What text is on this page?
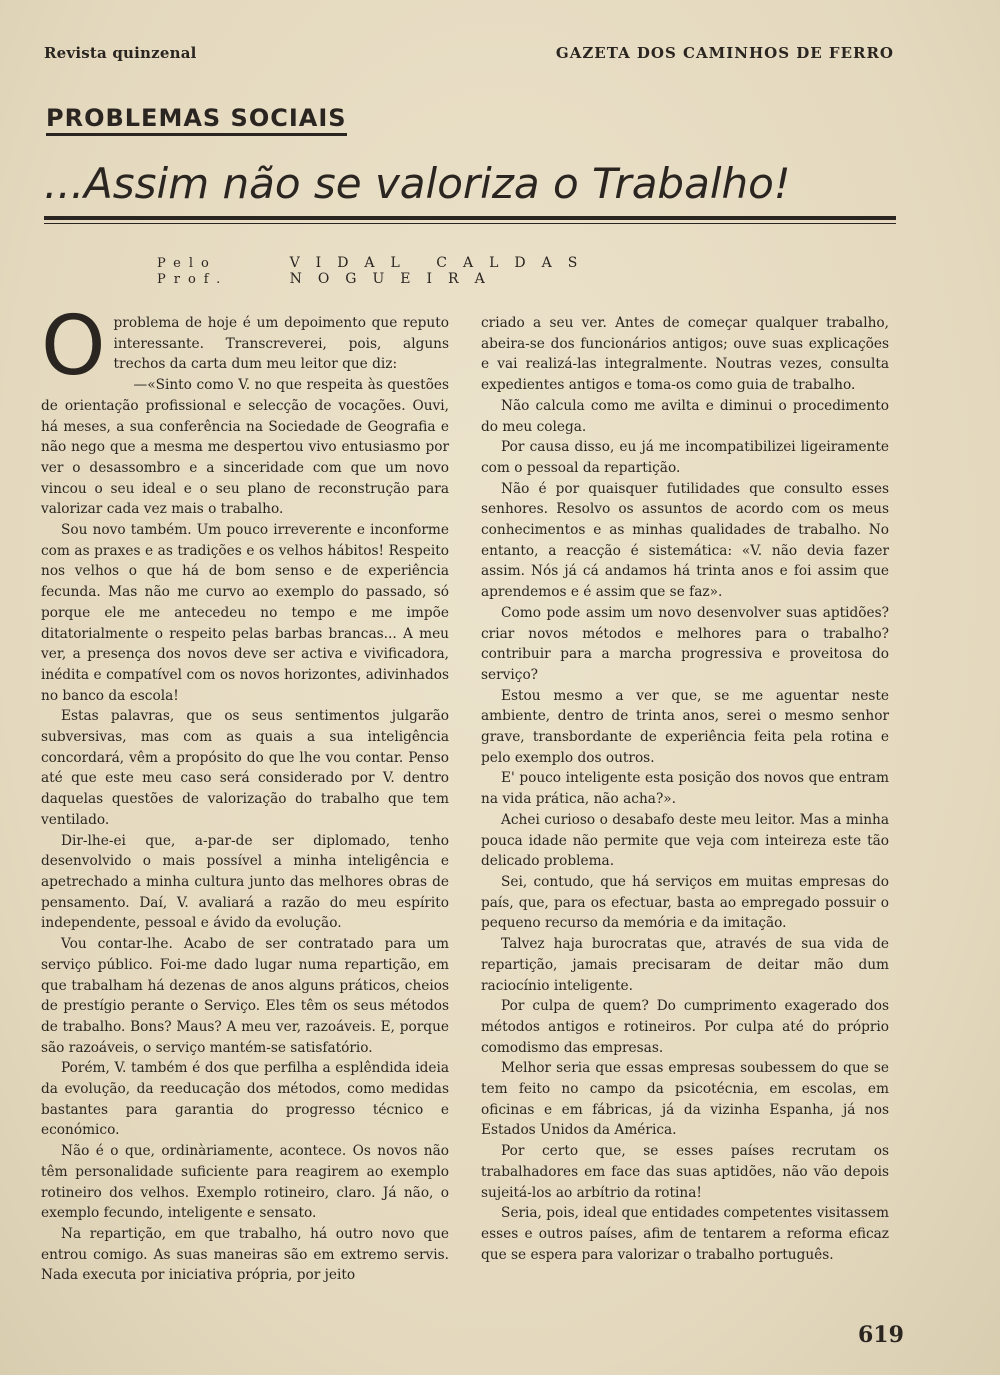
Revista quinzenal	GAZETA DOS CAMINHOS DE FERRO
PROBLEMAS SOCIAIS
...Assim não se valoriza o Trabalho!
Pelo Prof.
VIDAL CALDAS NOGUEIRA

Oproblema de hoje é um depoimento que reputo interessante. Transcreverei, pois, alguns trechos da carta dum meu leitor que diz:

—«Sinto como V. no que respeita às questões de orientação profissional e selecção de vocações. Ouvi, há meses, a sua conferência na Sociedade de Geografia e não nego que a mesma me despertou vivo entusiasmo por ver o desassombro e a sinceridade com que um novo vincou o seu ideal e o seu plano de reconstrução para valorizar cada vez mais o trabalho.

Sou novo também. Um pouco irreverente e inconforme com as praxes e as tradições e os velhos hábitos! Respeito nos velhos o que há de bom senso e de experiência fecunda. Mas não me curvo ao exemplo do passado, só porque ele me antecedeu no tempo e me impõe ditatorialmente o respeito pelas barbas brancas... A meu ver, a presença dos novos deve ser activa e vivificadora, inédita e compatível com os novos horizontes, adivinhados no banco da escola!

Estas palavras, que os seus sentimentos julgarão subversivas, mas com as quais a sua inteligência concordará, vêm a propósito do que lhe vou contar. Penso até que este meu caso será considerado por V. dentro daquelas questões de valorização do trabalho que tem ventilado.

Dir-lhe-ei que, a-par-de ser diplomado, tenho desenvolvido o mais possível a minha inteligência e apetrechado a minha cultura junto das melhores obras de pensamento. Daí, V. avaliará a razão do meu espírito independente, pessoal e ávido da evolução.

Vou contar-lhe. Acabo de ser contratado para um serviço público. Foi-me dado lugar numa repartição, em que trabalham há dezenas de anos alguns práticos, cheios de prestígio perante o Serviço. Eles têm os seus métodos de trabalho. Bons? Maus? A meu ver, razoáveis. E, porque são razoáveis, o serviço mantém-se satisfatório.

Porém, V. também é dos que perfilha a esplêndida ideia da evolução, da reeducação dos métodos, como medidas bastantes para garantia do progresso técnico e económico.

Não é o que, ordinàriamente, acontece. Os novos não têm personalidade suficiente para reagirem ao exemplo rotineiro dos velhos. Exemplo rotineiro, claro. Já não, o exemplo fecundo, inteligente e sensato.

Na repartição, em que trabalho, há outro novo que entrou comigo. As suas maneiras são em extremo servis. Nada executa por iniciativa própria, por jeito

criado a seu ver. Antes de começar qualquer trabalho, abeira-se dos funcionários antigos; ouve suas explicações e vai realizá-las integralmente. Noutras vezes, consulta expedientes antigos e toma-os como guia de trabalho.

Não calcula como me avilta e diminui o procedimento do meu colega.

Por causa disso, eu já me incompatibilizei ligeiramente com o pessoal da repartição.

Não é por quaisquer futilidades que consulto esses senhores. Resolvo os assuntos de acordo com os meus conhecimentos e as minhas qualidades de trabalho. No entanto, a reacção é sistemática: «V. não devia fazer assim. Nós já cá andamos há trinta anos e foi assim que aprendemos e é assim que se faz».

Como pode assim um novo desenvolver suas aptidões? criar novos métodos e melhores para o trabalho? contribuir para a marcha progressiva e proveitosa do serviço?

Estou mesmo a ver que, se me aguentar neste ambiente, dentro de trinta anos, serei o mesmo senhor grave, transbordante de experiência feita pela rotina e pelo exemplo dos outros.

E' pouco inteligente esta posição dos novos que entram na vida prática, não acha?».

Achei curioso o desabafo deste meu leitor. Mas a minha pouca idade não permite que veja com inteireza este tão delicado problema.

Sei, contudo, que há serviços em muitas empresas do país, que, para os efectuar, basta ao empregado possuir o pequeno recurso da memória e da imitação.

Talvez haja burocratas que, através de sua vida de repartição, jamais precisaram de deitar mão dum raciocínio inteligente.

Por culpa de quem? Do cumprimento exagerado dos métodos antigos e rotineiros. Por culpa até do próprio comodismo das empresas.

Melhor seria que essas empresas soubessem do que se tem feito no campo da psicotécnia, em escolas, em oficinas e em fábricas, já da vizinha Espanha, já nos Estados Unidos da América.

Por certo que, se esses países recrutam os trabalhadores em face das suas aptidões, não vão depois sujeitá-los ao arbítrio da rotina!

Seria, pois, ideal que entidades competentes visitassem esses e outros países, afim de tentarem a reforma eficaz que se espera para valorizar o trabalho português.

619
